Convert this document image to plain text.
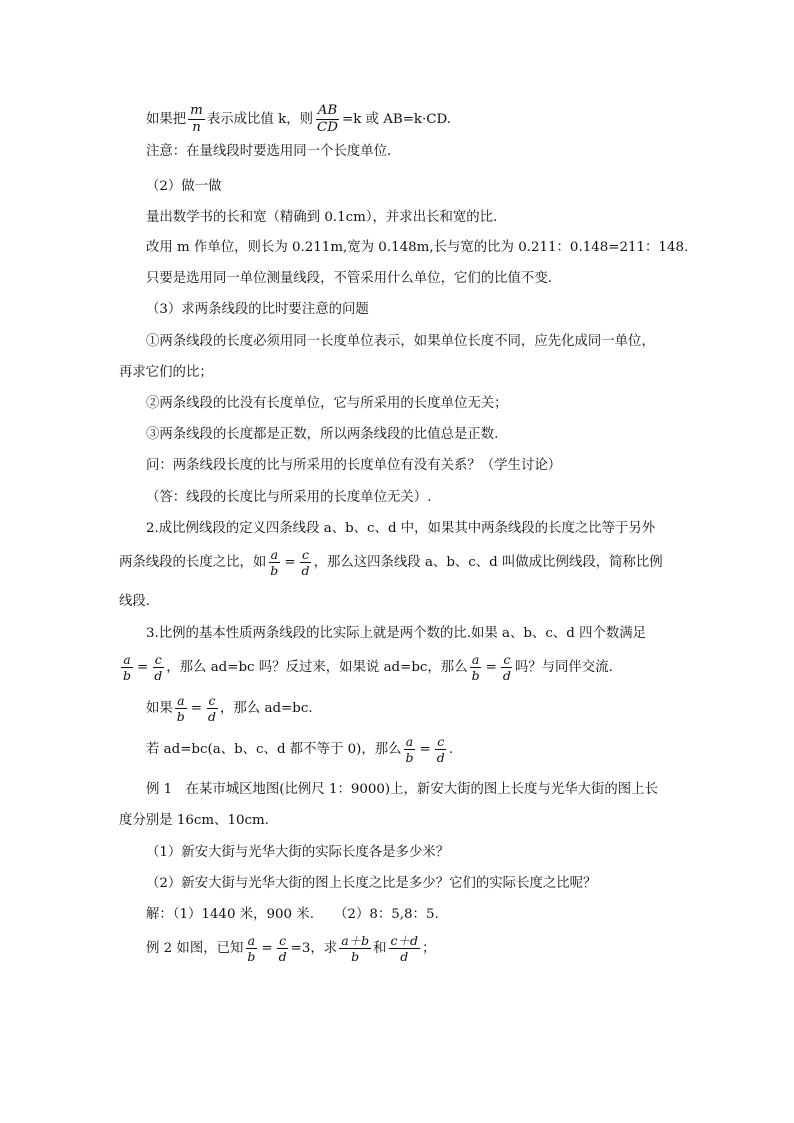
如果把 $\frac{m}{n}$ 表示成比值 k，则 $\frac{AB}{CD} =k$ 或 AB=k·CD.
注意：在量线段时要选用同一个长度单位.
（2）做一做
量出数学书的长和宽（精确到 0.1cm），并求出长和宽的比.
改用 m 作单位，则长为 0.211m,宽为 0.148m,长与宽的比为 0.211：0.148=211：148.
只要是选用同一单位测量线段，不管采用什么单位，它们的比值不变.
（3）求两条线段的比时要注意的问题
①两条线段的长度必须用同一长度单位表示，如果单位长度不同，应先化成同一单位，
再求它们的比；
②两条线段的比没有长度单位，它与所采用的长度单位无关；
③两条线段的长度都是正数，所以两条线段的比值总是正数.
问：两条线段长度的比与所采用的长度单位有没有关系？（学生讨论）
（答：线段的长度比与所采用的长度单位无关）.
2.成比例线段的定义四条线段 a、b、c、d 中，如果其中两条线段的长度之比等于另外
两条线段的长度之比，如 $\frac{a}{b} = \frac{c}{d}$ ，那么这四条线段 a、b、c、d 叫做成比例线段，简称比例
线段.
3.比例的基本性质两条线段的比实际上就是两个数的比.如果 a、b、c、d 四个数满足
$\frac{a}{b} = \frac{c}{d}$ ，那么 ad=bc 吗？反过来，如果说 ad=bc，那么 $\frac{a}{b} = \frac{c}{d}$ 吗？与同伴交流.
如果 $\frac{a}{b} = \frac{c}{d}$ ，那么 ad=bc.
若 ad=bc(a、b、c、d 都不等于 0)，那么 $\frac{a}{b} = \frac{c}{d}$ .
例 1　在某市城区地图(比例尺 1：9000)上，新安大街的图上长度与光华大街的图上长
度分别是 16cm、10cm.
（1）新安大街与光华大街的实际长度各是多少米？
（2）新安大街与光华大街的图上长度之比是多少？它们的实际长度之比呢？
解：（1）1440 米，900 米.　　（2）8：5,8：5.
例 2 如图，已知 $\frac{a}{b} = \frac{c}{d} =3$，求 $\frac{a+b}{b}$ 和 $\frac{c+d}{d}$ ；
